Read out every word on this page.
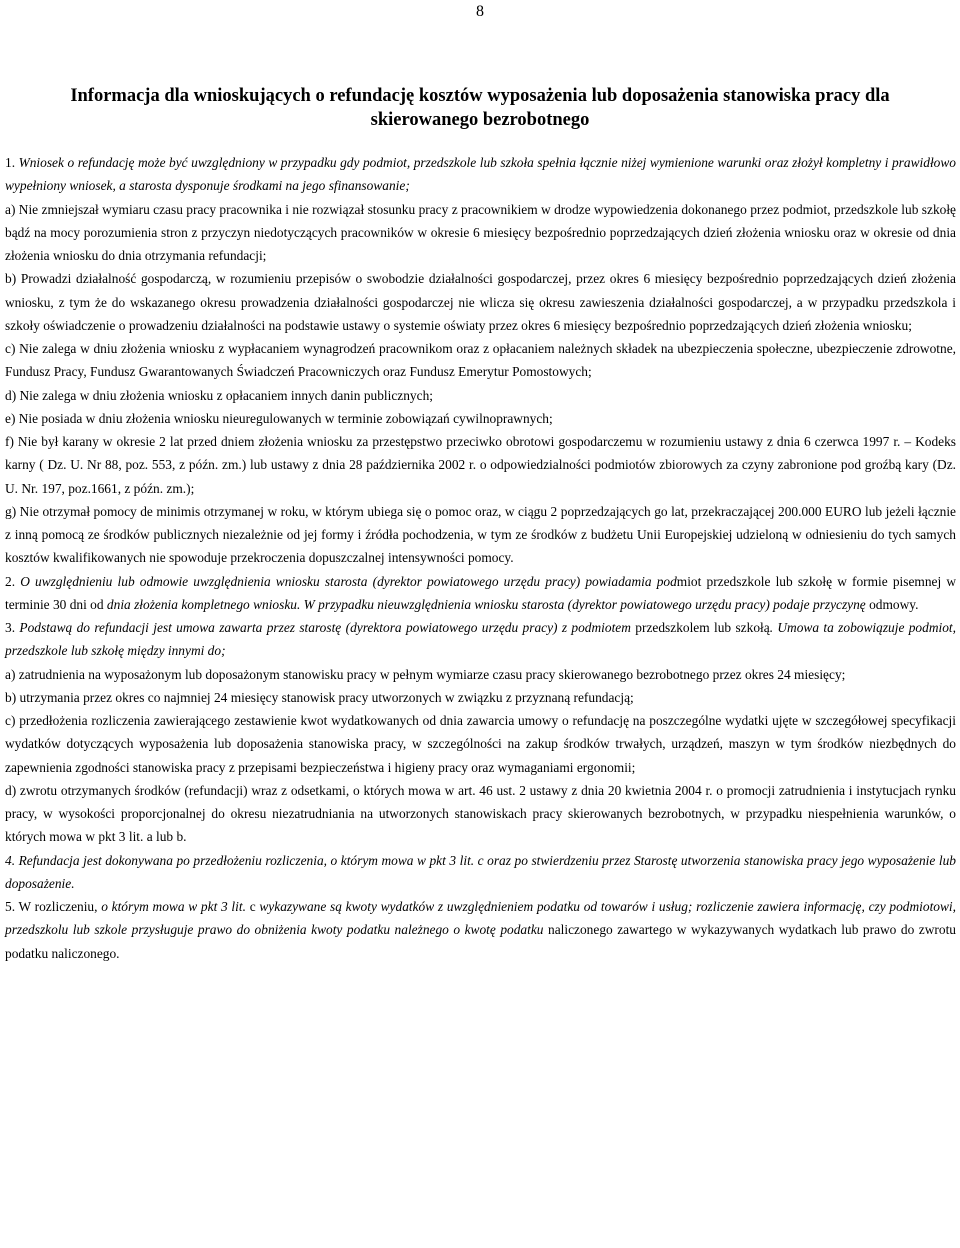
8
Informacja dla wnioskujących o refundację kosztów wyposażenia lub doposażenia stanowiska pracy dla skierowanego bezrobotnego

1. Wniosek o refundację może być uwzględniony w przypadku gdy podmiot, przedszkole lub szkoła spełnia łącznie niżej wymienione warunki oraz złożył kompletny i prawidłowo wypełniony wniosek, a starosta dysponuje środkami na jego sfinansowanie;

a) Nie zmniejszał wymiaru czasu pracy pracownika i nie rozwiązał stosunku pracy z pracownikiem w drodze wypowiedzenia dokonanego przez podmiot, przedszkole lub szkołę bądź na mocy porozumienia stron z przyczyn niedotyczących pracowników w okresie 6 miesięcy bezpośrednio poprzedzających dzień złożenia wniosku oraz w okresie od dnia złożenia wniosku do dnia otrzymania refundacji;

b) Prowadzi działalność gospodarczą, w rozumieniu przepisów o swobodzie działalności gospodarczej, przez okres 6 miesięcy bezpośrednio poprzedzających dzień złożenia wniosku, z tym że do wskazanego okresu prowadzenia działalności gospodarczej nie wlicza się okresu zawieszenia działalności gospodarczej, a w przypadku przedszkola i szkoły oświadczenie o prowadzeniu działalności na podstawie ustawy o systemie oświaty przez okres 6 miesięcy bezpośrednio poprzedzających dzień złożenia wniosku;

c) Nie zalega w dniu złożenia wniosku z wypłacaniem wynagrodzeń pracownikom oraz z opłacaniem należnych składek na ubezpieczenia społeczne, ubezpieczenie zdrowotne, Fundusz Pracy, Fundusz Gwarantowanych Świadczeń Pracowniczych oraz Fundusz Emerytur Pomostowych;

d) Nie zalega w dniu złożenia wniosku z opłacaniem innych danin publicznych;

e) Nie posiada w dniu złożenia wniosku nieuregulowanych w terminie zobowiązań cywilnoprawnych;

f) Nie był karany w okresie 2 lat przed dniem złożenia wniosku za przestępstwo przeciwko obrotowi gospodarczemu w rozumieniu ustawy z dnia 6 czerwca 1997 r. – Kodeks karny ( Dz. U. Nr 88, poz. 553, z późn. zm.) lub ustawy z dnia 28 października 2002 r. o odpowiedzialności podmiotów zbiorowych za czyny zabronione pod groźbą kary (Dz. U. Nr. 197, poz.1661, z późn. zm.);

g) Nie otrzymał pomocy de minimis otrzymanej w roku, w którym ubiega się o pomoc oraz, w ciągu 2 poprzedzających go lat, przekraczającej 200.000 EURO lub jeżeli łącznie z inną pomocą ze środków publicznych niezależnie od jej formy i źródła pochodzenia, w tym ze środków z budżetu Unii Europejskiej udzieloną w odniesieniu do tych samych kosztów kwalifikowanych nie spowoduje przekroczenia dopuszczalnej intensywności pomocy.

2. O uwzględnieniu lub odmowie uwzględnienia wniosku starosta (dyrektor powiatowego urzędu pracy) powiadamia podmiot przedszkole lub szkołę w formie pisemnej w terminie 30 dni od dnia złożenia kompletnego wniosku. W przypadku nieuwzględnienia wniosku starosta (dyrektor powiatowego urzędu pracy) podaje przyczynę odmowy.

3. Podstawą do refundacji jest umowa zawarta przez starostę (dyrektora powiatowego urzędu pracy) z podmiotem przedszkolem lub szkołą. Umowa ta zobowiązuje podmiot, przedszkole lub szkołę między innymi do;

a) zatrudnienia na wyposażonym lub doposażonym stanowisku pracy w pełnym wymiarze czasu pracy skierowanego bezrobotnego przez okres 24 miesięcy;

b) utrzymania przez okres co najmniej 24 miesięcy stanowisk pracy utworzonych w związku z przyznaną refundacją;

c) przedłożenia rozliczenia zawierającego zestawienie kwot wydatkowanych od dnia zawarcia umowy o refundację na poszczególne wydatki ujęte w szczegółowej specyfikacji wydatków dotyczących wyposażenia lub doposażenia stanowiska pracy, w szczególności na zakup środków trwałych, urządzeń, maszyn w tym środków niezbędnych do zapewnienia zgodności stanowiska pracy z przepisami bezpieczeństwa i higieny pracy oraz wymaganiami ergonomii;

d) zwrotu otrzymanych środków (refundacji) wraz z odsetkami, o których mowa w art. 46 ust. 2 ustawy z dnia 20 kwietnia 2004 r. o promocji zatrudnienia i instytucjach rynku pracy, w wysokości proporcjonalnej do okresu niezatrudniania na utworzonych stanowiskach pracy skierowanych bezrobotnych, w przypadku niespełnienia warunków, o których mowa w pkt 3 lit. a lub b.

4. Refundacja jest dokonywana po przedłożeniu rozliczenia, o którym mowa w pkt 3 lit. c oraz po stwierdzeniu przez Starostę utworzenia stanowiska pracy jego wyposażenie lub doposażenie.

5. W rozliczeniu, o którym mowa w pkt 3 lit. c wykazywane są kwoty wydatków z uwzględnieniem podatku od towarów i usług; rozliczenie zawiera informację, czy podmiotowi, przedszkolu lub szkole przysługuje prawo do obniżenia kwoty podatku należnego o kwotę podatku naliczonego zawartego w wykazywanych wydatkach lub prawo do zwrotu podatku naliczonego.
